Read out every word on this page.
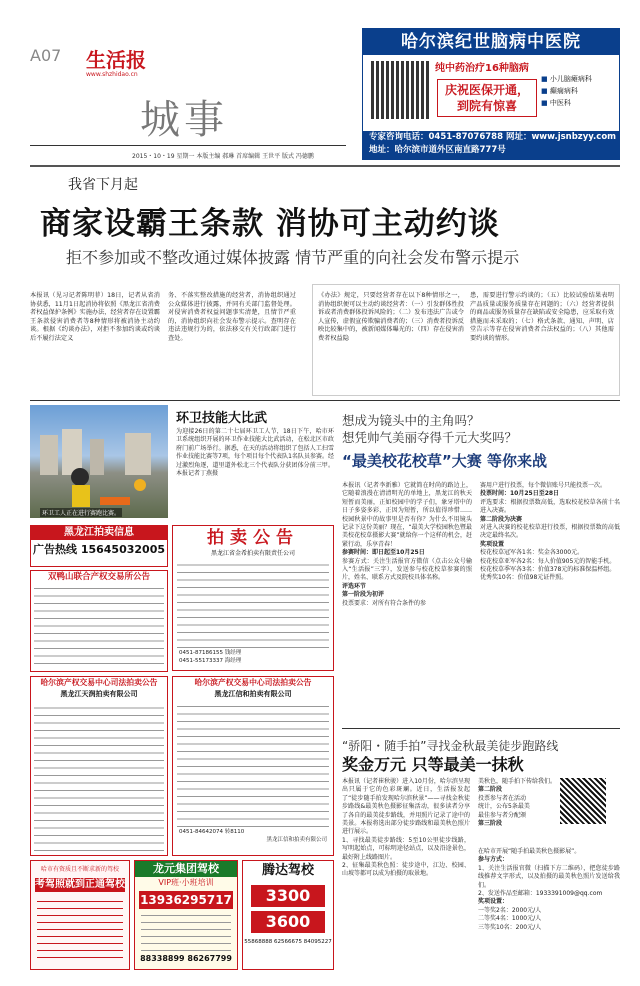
A07 生活报
www.shzhidao.cn
城事
2015・10・19 星期一 本版主编 郝琳 首席编辑 王世平 版式 冯德鹏
哈尔滨纪世脑病中医院
纯中药治疗16种脑病
庆祝医保开通，到院有惊喜
■ 小儿脑瘫病科
■ 癫痫病科
■ 中医科
专家咨询电话：0451-87076788 网址：www.jsnbzyy.com
地址：哈尔滨市道外区南直路777号
我省下月起
商家设霸王条款 消协可主动约谈
拒不参加或不整改通过媒体披露 情节严重的向社会发布警示提示
本报讯（见习记者陈明菲）18日，记者从省消协获悉，11月1日起消协将依照《黑龙江省消费者权益保护条例》实施办法，经营者存在设置霸王条款侵害消费者等8种情形将被消协主动约谈。根据《约谈办法》，对拒不参加约谈或约谈后不履行法定义
务、不落实整改措施的经营者，消协组织通过公众媒体进行披露，并同有关部门监督处理。对侵害消费者权益问题事实清楚，且情节严重的，消协组织向社会发布警示提示。查明存在违法违规行为的，依法移交有关行政部门进行查处。
《办法》规定，只要经营者存在以下8种情形之一，消协组织便可以主动约谈经营者：（一）引发群体性投诉或者消费群体投诉风险的；（二）发布违法广告或令人宣传，虚假宣传欺骗消费者的；（三）消费者投诉反映比较集中的，被新闻媒体曝光的；（四）存在侵害消费者权益隐
患，需要进行警示约谈的；（五）比较试验结果表明产品质量或服务质量存在问题的；（六）经营者提供的商品或服务质量存在缺陷或安全隐患，应采取有效措施而未采取的；（七）格式条款、通知、声明、店堂告示等存在侵害消费者合法权益的；（八）其他需要约谈的情形。
环卫工人正在进行赛跑比赛。
环卫技能大比武
为迎接26日的第二十七届环卫工人节，18日下午，哈市环卫系统组织开展的环卫作业技能大比武活动，在松北区市政府门前广场举行。据悉，在天的活动将组织了包括人工扫雪作业技能比赛等7项，每个项目每个代表队1名队员参赛。经过激烈角逐，道里道外松北三个代表队分获团体分前三甲。本报记者丁燕摄
黑龙江拍卖信息
广告热线 15645032005
双鸭山联合产权交易所公告
哈尔滨产权交易中心司法拍卖公告
黑龙江天润拍卖有限公司
拍卖公告
黑龙江省金希拍卖有限责任公司
0451-87186155 钱经理
0451-55173337 海经理
哈尔滨产权交易中心司法拍卖公告
黑龙江信和拍卖有限公司
0451-84642074 转8110
黑龙江信和拍卖有限公司
想成为镜头中的主角吗？
想凭帅气美丽夺得千元大奖吗？
“最美校花校草”大赛 等你来战
本报讯（记者李新雅）它就简在时尚的路边上，它随着浪漫在清清明光的单地上，黑龙江的秋天短暂而美丽，正如校园中的学子们，象牙塔中的日子多姿多彩，正因为短暂，所以值得珍惜……校园秋景中的故事里是否有你？为什么不用镜头记录下这份美丽？现在，“最美大学校园秋色暨最美校花校草摄影大赛”就给你一个这样的机会，赶紧行动，乐享青春！
参赛时间：即日起至10月25日
参赛方式：关注生活报官方微信（点击公众号输入“生活报”三字），发送参与校花校草参赛的照片，姓名、联系方式及院校具体名称。
评选环节
第一阶段为初评
投票要求：对所有符合条件的参
赛用户进行投票，每个微信账号只能投票一次。
投票时间：10月25日至28日
评选要求：根据投票数高低，选取校花校草各前十名进入决赛。
第二阶段为决赛
对进入决赛的校花校草进行投票，根据投票数的高低决定最终名次。
奖项设置
校花校草冠军各1名：奖金各3000元。
校花校草亚军各2名：每人价值905元的智能手机。
校花校草季军各3名：价值378元的标准保温杯组。
优秀奖10名：价值98元证件照。
“骄阳・随手拍”寻找金秋最美徒步跑路线
奖金万元 只等最美一抹秋
本报讯（记者崔秋骏）进入10月份，哈尔滨呈现出只属于它的色彩斑斓。近日，生活报发起了“徒步随手拍发现哈尔滨秋景”——寻找金秋徒步路线&最美秋色摄影征集活动，很多读者分享了各自的最美徒步路线，并用照片记录了途中的美景。本报将选出部分徒步路线和最美秋色照片进行展示。
1、寻找最美徒步路线：5至10公里徒步线路，写明起始点，可标明途径站点，以及沿途景色，最好附上线路图片。
2、征集最美秋色照：徒步途中，江边、校园、山坡等都可以成为拍摄的取景地。
美秋色，随手拍下传给我们。
第二阶段
投票参与者在活动
统计，公布5条最美
最佳参与者分配颁
第三阶段
在哈市开展“随手拍最美秋色摄影展”。
参与方式：
1、关注生活报官微（扫描下方二维码），把您徒步路线推荐文字形式，以及拍摄的最美秋色照片发送给我们。
2、发送作品至邮箱：1933391009@qq.com
奖项设置：
一等奖2名：2000元/人
二等奖4名：1000元/人
三等奖10名：200元/人
哈市有资质且不断求新的驾校
考驾照就到正通驾校
龙元集团驾校
VIP班·小班培训
13936295717
88338899 86267799
腾达驾校
3300
3600
55868888 62566675 84095227
